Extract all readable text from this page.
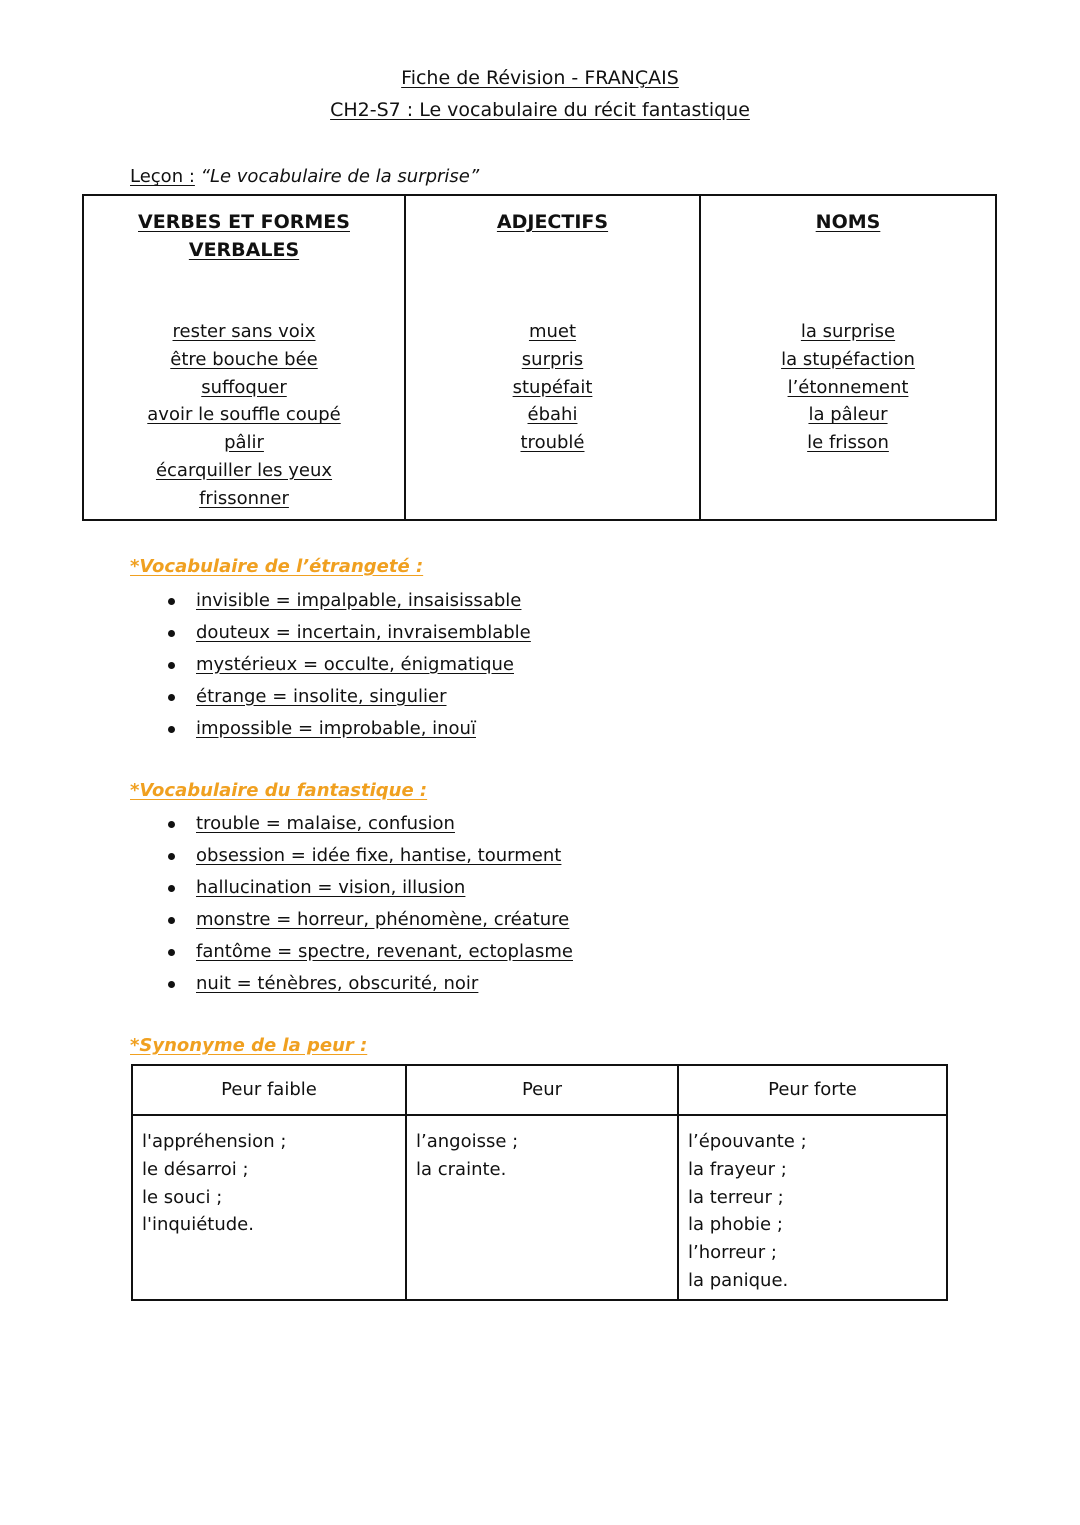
Fiche de Révision - FRANÇAIS
CH2-S7 : Le vocabulaire du récit fantastique
Leçon : “Le vocabulaire de la surprise”
VERBES ET FORMES VERBALES
rester sans voix
être bouche bée
suffoquer
avoir le souffle coupé
pâlir
écarquiller les yeux
frissonner
ADJECTIFS
muet
surpris
stupéfait
ébahi
troublé
NOMS
la surprise
la stupéfaction
l’étonnement
la pâleur
le frisson
*Vocabulaire de l’étrangeté :
invisible = impalpable, insaisissable
douteux = incertain, invraisemblable
mystérieux = occulte, énigmatique
étrange = insolite, singulier
impossible = improbable, inouï
*Vocabulaire du fantastique :
trouble = malaise, confusion
obsession = idée fixe, hantise, tourment
hallucination = vision, illusion
monstre = horreur, phénomène, créature
fantôme = spectre, revenant, ectoplasme
nuit = ténèbres, obscurité, noir
*Synonyme de la peur :
Peur faible
l'appréhension ;
le désarroi ;
le souci ;
l'inquiétude.
Peur
l’angoisse ;
la crainte.
Peur forte
l’épouvante ;
la frayeur ;
la terreur ;
la phobie ;
l’horreur ;
la panique.
